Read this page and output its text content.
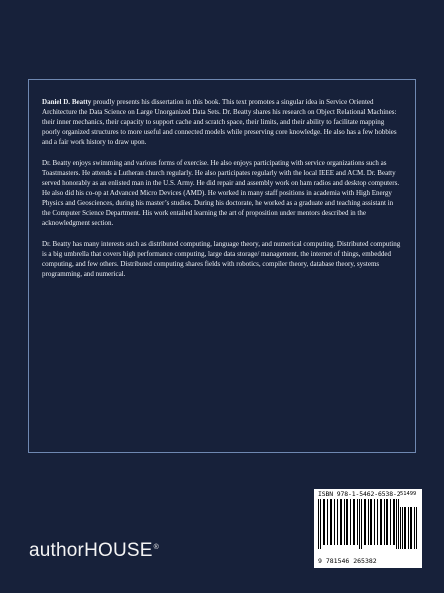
Daniel D. Beatty proudly presents his dissertation in this book. This text promotes a singular idea in Service Oriented Architecture the Data Science on Large Unorganized Data Sets. Dr. Beatty shares his research on Object Relational Machines: their inner mechanics, their capacity to support cache and scratch space, their limits, and their ability to facilitate mapping poorly organized structures to more useful and connected models while preserving core knowledge. He also has a few hobbies and a fair work history to draw upon.

Dr. Beatty enjoys swimming and various forms of exercise. He also enjoys participating with service organizations such as Toastmasters. He attends a Lutheran church regularly. He also participates regularly with the local IEEE and ACM. Dr. Beatty served honorably as an enlisted man in the U.S. Army. He did repair and assembly work on ham radios and desktop computers. He also did his co-op at Advanced Micro Devices (AMD). He worked in many staff positions in academia with High Energy Physics and Geosciences, during his master’s studies. During his doctorate, he worked as a graduate and teaching assistant in the Computer Science Department. His work entailed learning the art of proposition under mentors described in the acknowledgment section.

Dr. Beatty has many interests such as distributed computing, language theory, and numerical computing. Distributed computing is a big umbrella that covers high performance computing, large data storage/ management, the internet of things, embedded computing, and few others. Distributed computing shares fields with robotics, compiler theory, database theory, systems programming, and numerical.

authorHOUSE®
ISBN 978-1-5462-6538-2 51499
9 781546 265382
